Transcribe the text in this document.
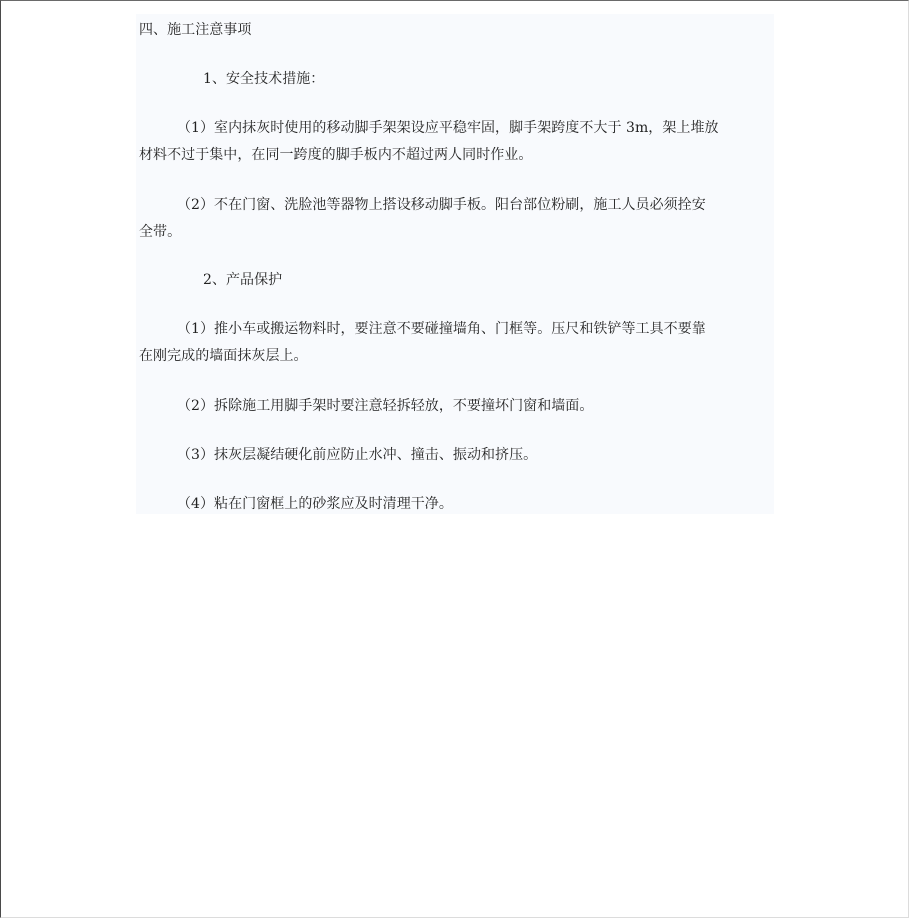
四、施工注意事项
1、安全技术措施：
（1）室内抹灰时使用的移动脚手架架设应平稳牢固，脚手架跨度不大于 3m，架上堆放
材料不过于集中，在同一跨度的脚手板内不超过两人同时作业。
（2）不在门窗、洗脸池等器物上搭设移动脚手板。阳台部位粉刷，施工人员必须拴安
全带。
2、产品保护
（1）推小车或搬运物料时，要注意不要碰撞墙角、门框等。压尺和铁铲等工具不要靠
在刚完成的墙面抹灰层上。
（2）拆除施工用脚手架时要注意轻拆轻放，不要撞坏门窗和墙面。
（3）抹灰层凝结硬化前应防止水冲、撞击、振动和挤压。
（4）粘在门窗框上的砂浆应及时清理干净。
